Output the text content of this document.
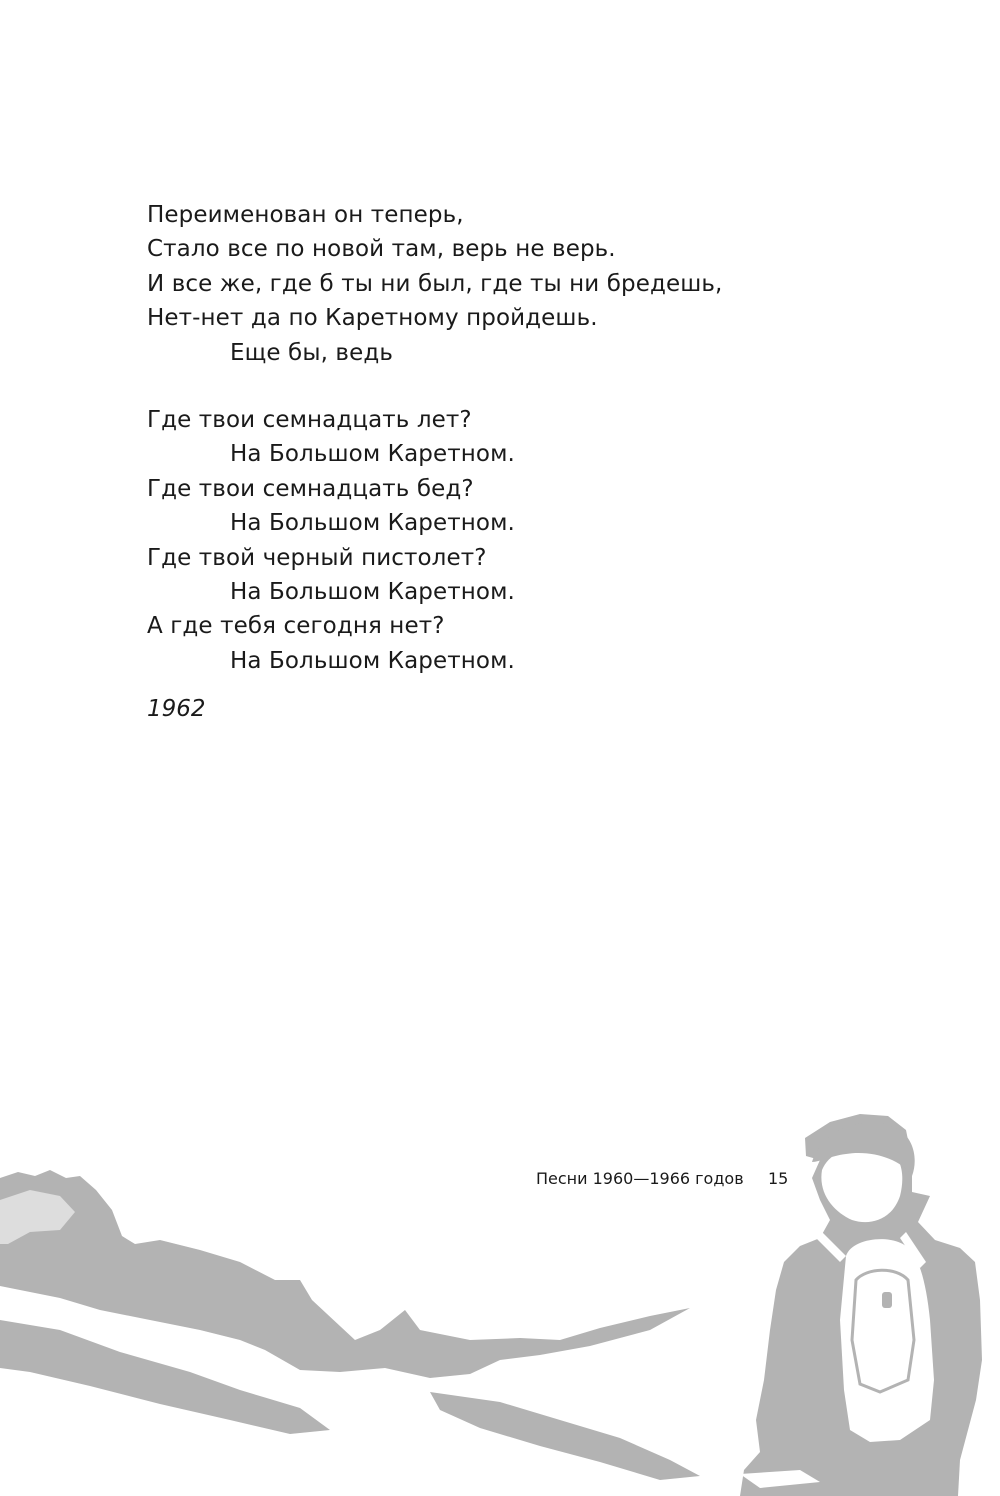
Переименован он теперь,
Стало все по новой там, верь не верь.
И все же, где б ты ни был, где ты ни бредешь,
Нет-нет да по Каретному пройдешь.
Еще бы, ведь
Где твои семнадцать лет?
На Большом Каретном.
Где твои семнадцать бед?
На Большом Каретном.
Где твой черный пистолет?
На Большом Каретном.
А где тебя сегодня нет?
На Большом Каретном.
1962
Песни 1960—1966 годов 15
